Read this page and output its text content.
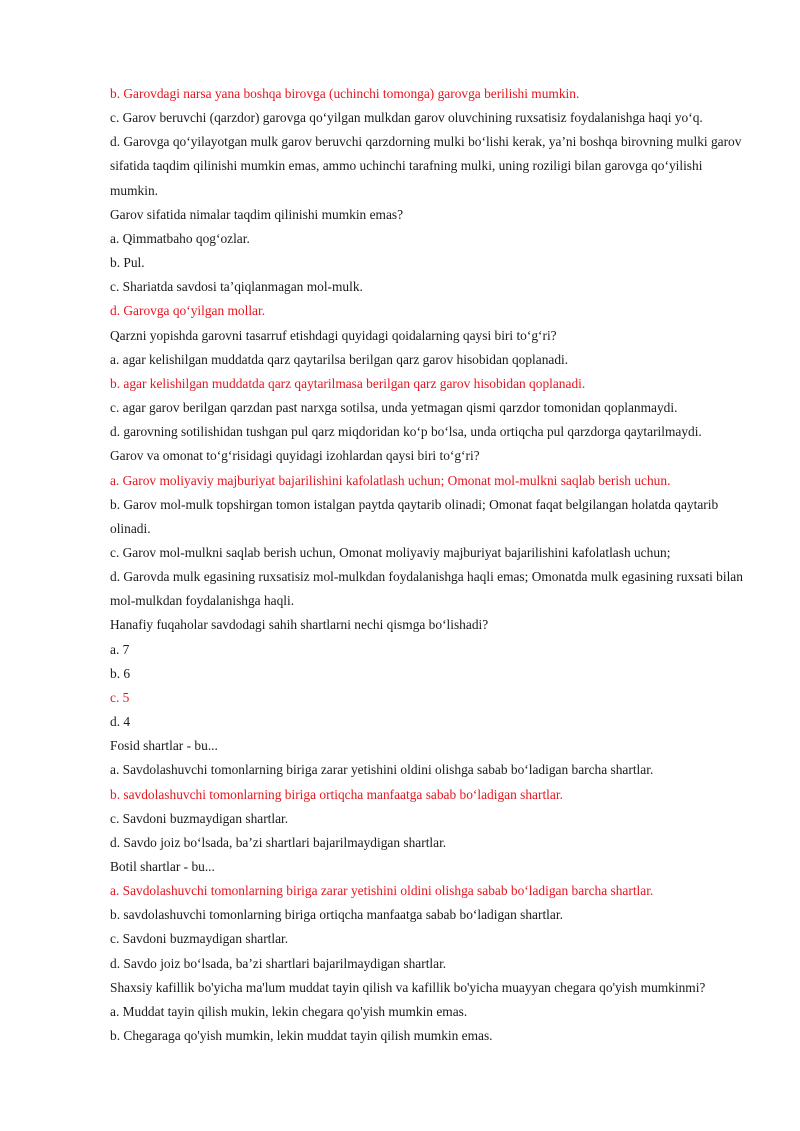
b. Garovdagi narsa yana boshqa birovga (uchinchi tomonga) garovga berilishi mumkin.

c. Garov beruvchi (qarzdor) garovga qoʻyilgan mulkdan garov oluvchining ruxsatisiz foydalanishga haqi yoʻq.

d. Garovga qoʻyilayotgan mulk garov beruvchi qarzdorning mulki boʻlishi kerak, ya’ni boshqa birovning mulki garov sifatida taqdim qilinishi mumkin emas, ammo uchinchi tarafning mulki, uning roziligi bilan garovga qoʻyilishi mumkin.

Garov sifatida nimalar taqdim qilinishi mumkin emas?

a. Qimmatbaho qogʻozlar.

b. Pul.

c. Shariatda savdosi ta’qiqlanmagan mol-mulk.

d. Garovga qoʻyilgan mollar.

Qarzni yopishda garovni tasarruf etishdagi quyidagi qoidalarning qaysi biri toʻgʻri?

a. agar kelishilgan muddatda qarz qaytarilsa berilgan qarz garov hisobidan qoplanadi.

b. agar kelishilgan muddatda qarz qaytarilmasa berilgan qarz garov hisobidan qoplanadi.

c. agar garov berilgan qarzdan past narxga sotilsa, unda yetmagan qismi qarzdor tomonidan qoplanmaydi.

d. garovning sotilishidan tushgan pul qarz miqdoridan koʻp boʻlsa, unda ortiqcha pul qarzdorga qaytarilmaydi.

Garov va omonat toʻgʻrisidagi quyidagi izohlardan qaysi biri toʻgʻri?

a. Garov moliyaviy majburiyat bajarilishini kafolatlash uchun; Omonat mol-mulkni saqlab berish uchun.

b. Garov mol-mulk topshirgan tomon istalgan paytda qaytarib olinadi; Omonat faqat belgilangan holatda qaytarib olinadi.

c. Garov mol-mulkni saqlab berish uchun, Omonat moliyaviy majburiyat bajarilishini kafolatlash uchun;

d. Garovda mulk egasining ruxsatisiz mol-mulkdan foydalanishga haqli emas; Omonatda mulk egasining ruxsati bilan mol-mulkdan foydalanishga haqli.

Hanafiy fuqaholar savdodagi sahih shartlarni nechi qismga boʻlishadi?

a. 7

b. 6

c. 5

d. 4

Fosid shartlar - bu...

a. Savdolashuvchi tomonlarning biriga zarar yetishini oldini olishga sabab boʻladigan barcha shartlar.

b. savdolashuvchi tomonlarning biriga ortiqcha manfaatga sabab boʻladigan shartlar.

c. Savdoni buzmaydigan shartlar.

d. Savdo joiz boʻlsada, ba’zi shartlari bajarilmaydigan shartlar.

Botil shartlar - bu...

a. Savdolashuvchi tomonlarning biriga zarar yetishini oldini olishga sabab boʻladigan barcha shartlar.

b. savdolashuvchi tomonlarning biriga ortiqcha manfaatga sabab boʻladigan shartlar.

c. Savdoni buzmaydigan shartlar.

d. Savdo joiz boʻlsada, ba’zi shartlari bajarilmaydigan shartlar.

Shaxsiy kafillik bo'yicha ma'lum muddat tayin qilish va kafillik bo'yicha muayyan chegara qo'yish mumkinmi?

a. Muddat tayin qilish mukin, lekin chegara qo'yish mumkin emas.

b. Chegaraga qo'yish mumkin, lekin muddat tayin qilish mumkin emas.
